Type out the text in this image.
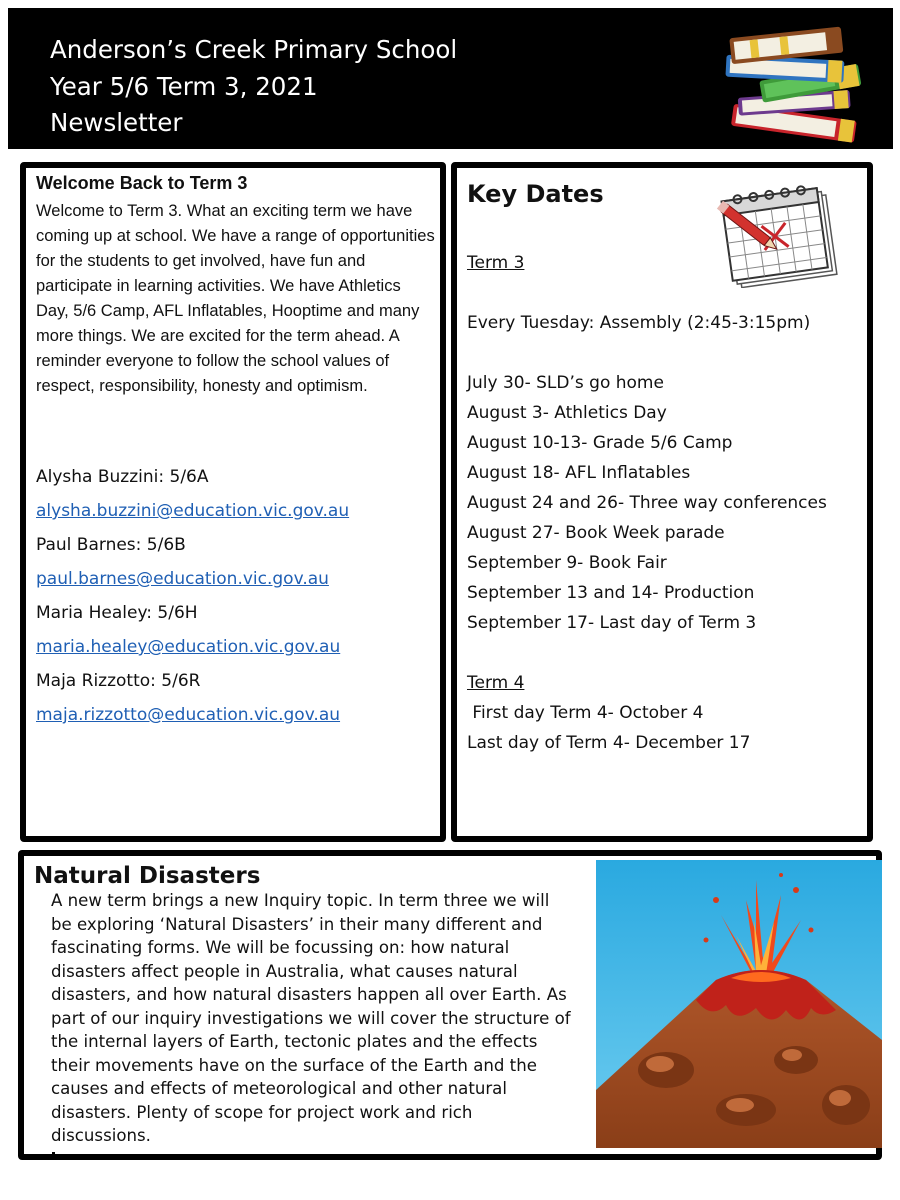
Anderson’s Creek Primary School
Year 5/6 Term 3, 2021
Newsletter
Welcome Back to Term 3
Welcome to Term 3. What an exciting term we have coming up at school. We have a range of opportunities for the students to get involved, have fun and participate in learning activities. We have Athletics Day, 5/6 Camp, AFL Inflatables, Hooptime and many more things. We are excited for the term ahead. A reminder everyone to follow the school values of respect, responsibility, honesty and optimism.
Alysha Buzzini: 5/6A
alysha.buzzini@education.vic.gov.au
Paul Barnes: 5/6B
paul.barnes@education.vic.gov.au
Maria Healey: 5/6H
maria.healey@education.vic.gov.au
Maja Rizzotto: 5/6R
maja.rizzotto@education.vic.gov.au
Key Dates
Term 3
Every Tuesday: Assembly (2:45-3:15pm)
July 30- SLD’s go home
August 3- Athletics Day
August 10-13- Grade 5/6 Camp
August 18- AFL Inflatables
August 24 and 26- Three way conferences
August 27- Book Week parade
September 9- Book Fair
September 13 and 14- Production
September 17- Last day of Term 3
Term 4
First day Term 4- October 4
Last day of Term 4- December 17
Natural Disasters
A new term brings a new Inquiry topic. In term three we will be exploring ‘Natural Disasters’ in their many different and fascinating forms. We will be focussing on: how natural disasters affect people in Australia, what causes natural disasters, and how natural disasters happen all over Earth. As part of our inquiry investigations we will cover the structure of the internal layers of Earth, tectonic plates and the effects their movements have on the surface of the Earth and the causes and effects of meteorological and other natural disasters. Plenty of scope for project work and rich discussions.
